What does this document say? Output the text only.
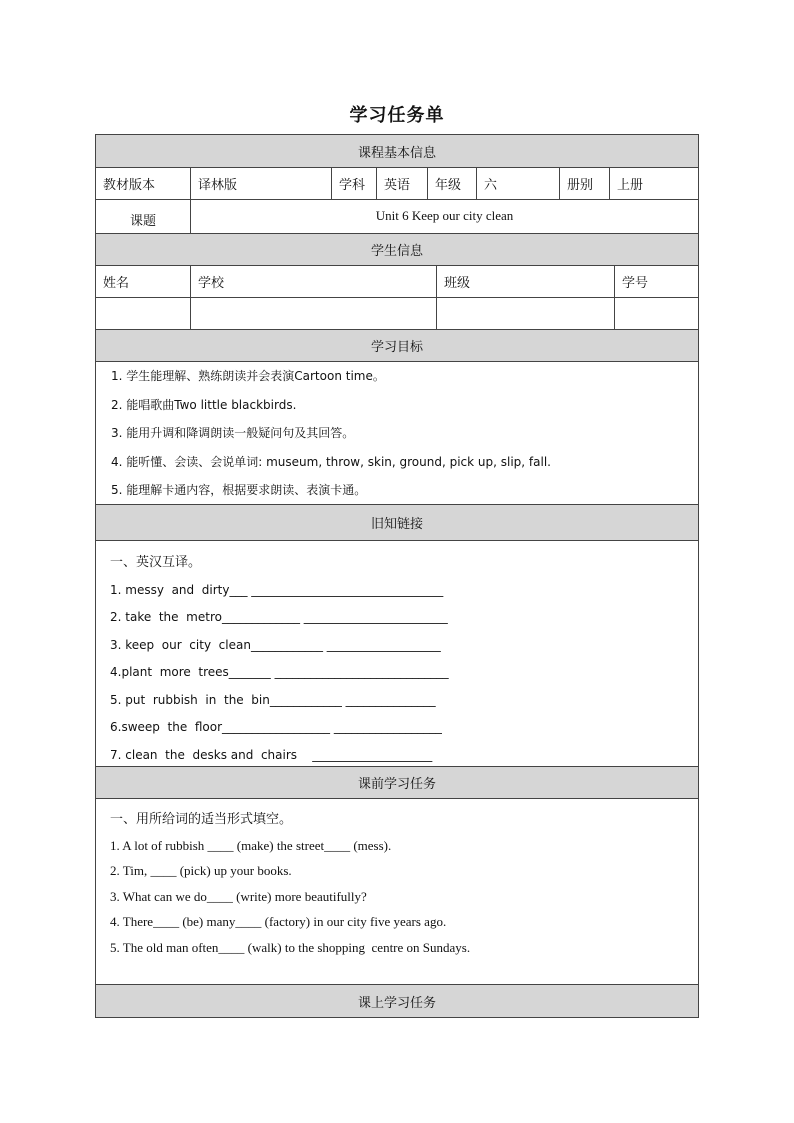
学习任务单
课程基本信息
教材版本	译林版	学科	英语	年级	六	册别	上册
课题	Unit 6 Keep our city clean
学生信息
姓名	学校	班级	学号
学习目标
1. 学生能理解、熟练朗读并会表演Cartoon time。
2. 能唱歌曲Two little blackbirds.
3. 能用升调和降调朗读一般疑问句及其回答。
4. 能听懂、会读、会说单词: museum, throw, skin, ground, pick up, slip, fall.
5. 能理解卡通内容，根据要求朗读、表演卡通。
旧知链接
一、英汉互译。
1. messy  and  dirty___ ________________________________
2. take  the  metro_____________ ________________________
3. keep  our  city  clean____________ ___________________
4.plant  more  trees_______ _____________________________
5. put  rubbish  in  the  bin____________ _______________
6.sweep  the  floor__________________ __________________
7. clean  the  desks and  chairs    ____________________
课前学习任务
一、用所给词的适当形式填空。
1. A lot of rubbish ____ (make) the street____ (mess).
2. Tim, ____ (pick) up your books.
3. What can we do____ (write) more beautifully?
4. There____ (be) many____ (factory) in our city five years ago.
5. The old man often____ (walk) to the shopping  centre on Sundays.
课上学习任务
